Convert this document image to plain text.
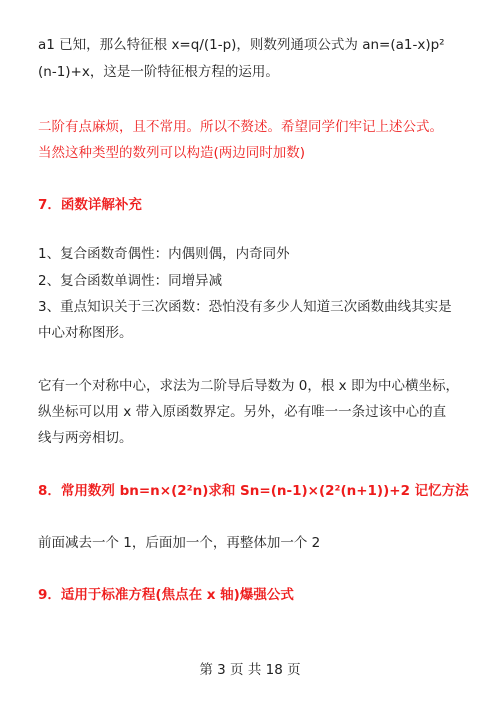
a1 已知，那么特征根 x=q/(1-p)，则数列通项公式为 an=(a1-x)p²
(n-1)+x，这是一阶特征根方程的运用。
二阶有点麻烦，且不常用。所以不赘述。希望同学们牢记上述公式。
当然这种类型的数列可以构造(两边同时加数)
7．函数详解补充
1、复合函数奇偶性：内偶则偶，内奇同外
2、复合函数单调性：同增异减
3、重点知识关于三次函数：恐怕没有多少人知道三次函数曲线其实是
中心对称图形。
它有一个对称中心，求法为二阶导后导数为 0，根 x 即为中心横坐标，
纵坐标可以用 x 带入原函数界定。另外，必有唯一一条过该中心的直
线与两旁相切。
8．常用数列 bn=n×(2²n)求和 Sn=(n-1)×(2²(n+1))+2 记忆方法
前面减去一个 1，后面加一个，再整体加一个 2
9．适用于标准方程(焦点在 x 轴)爆强公式
第 3 页 共 18 页
